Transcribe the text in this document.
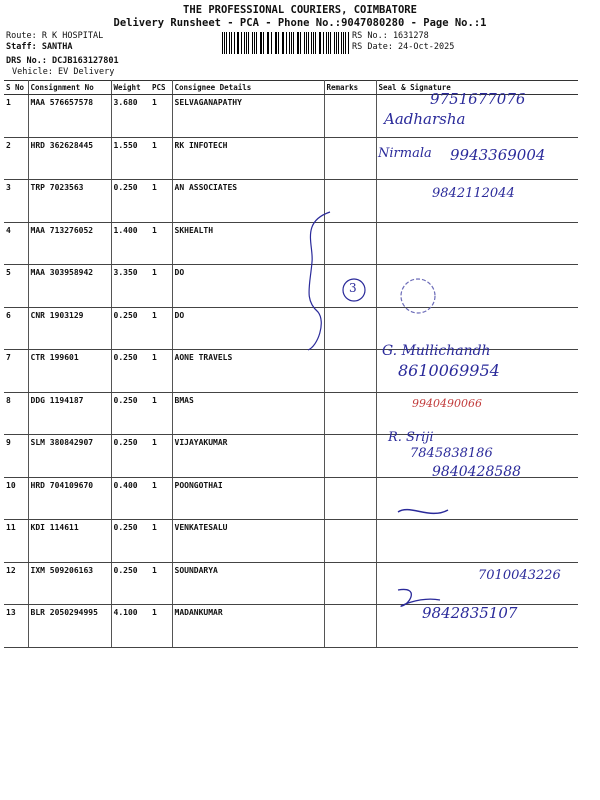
THE PROFESSIONAL COURIERS, COIMBATORE
Delivery Runsheet - PCA - Phone No.:9047080280 - Page No.:1
Route: R K HOSPITAL
Staff: SANTHA
DRS No.: DCJB163127801
Vehicle: EV Delivery
RS No.: 1631278
RS Date: 24-Oct-2025
S No	Consignment No	Weight	PCS	Consignee Details	Remarks	Seal & Signature
1	MAA 576657578	3.680	1	SELVAGANAPATHY		
2	HRD 362628445	1.550	1	RK INFOTECH		
3	TRP 7023563	0.250	1	AN ASSOCIATES		
4	MAA 713276052	1.400	1	SKHEALTH		
5	MAA 303958942	3.350	1	DO		
6	CNR 1903129	0.250	1	DO		
7	CTR 199601	0.250	1	AONE TRAVELS		
8	DDG 1194187	0.250	1	BMAS		
9	SLM 380842907	0.250	1	VIJAYAKUMAR		
10	HRD 704109670	0.400	1	POONGOTHAI		
11	KDI 114611	0.250	1	VENKATESALU		
12	IXM 509206163	0.250	1	SOUNDARYA		
13	BLR 2050294995	4.100	1	MADANKUMAR		
9751677076
Aadharsha
Nirmala 9943369004
9842112044
3
G. Mullichandh
8610069954
9940490066
R. Sriji
7845838186
9840428588
7010043226
9842835107
